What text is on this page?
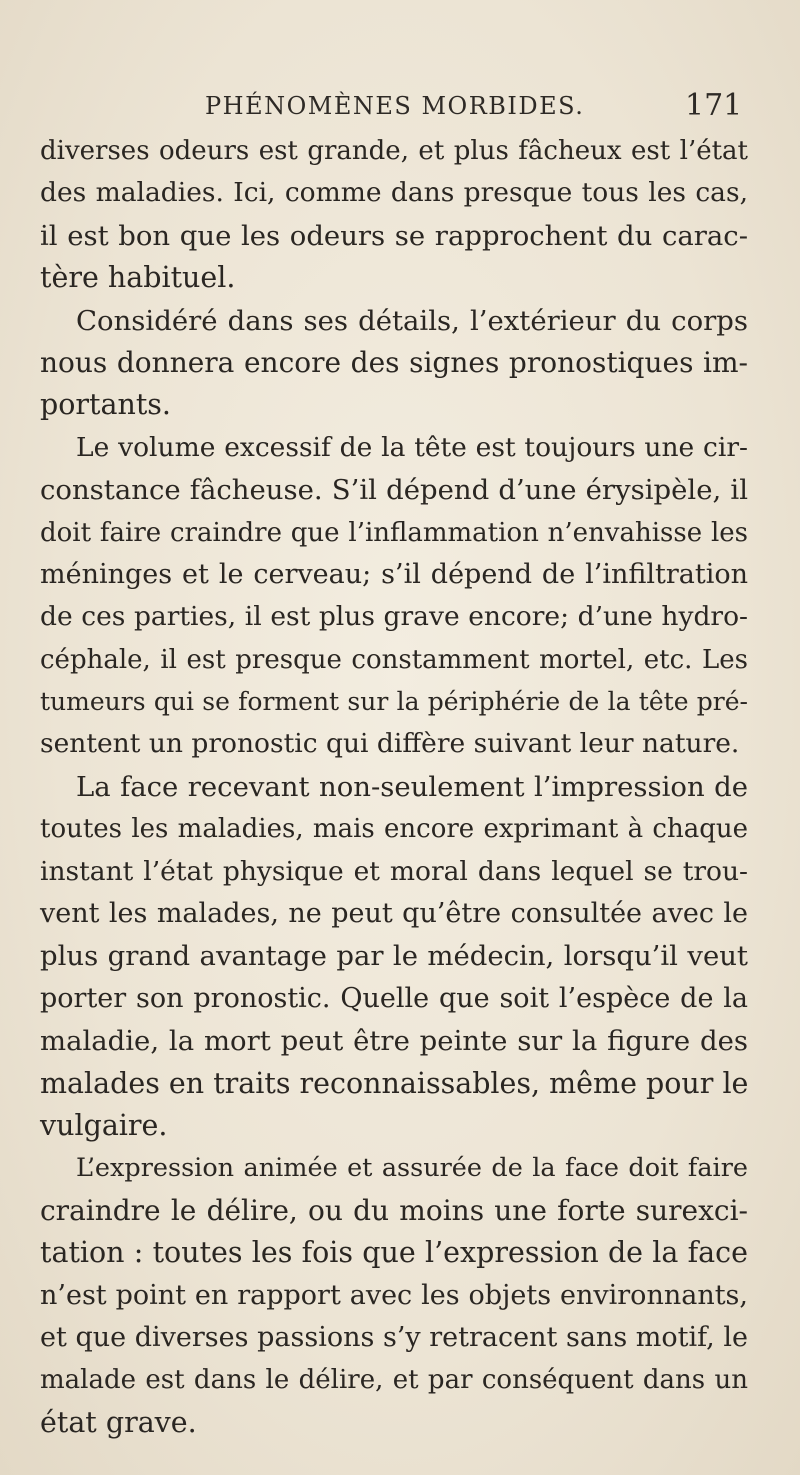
PHÉNOMÈNES MORBIDES.	171
diverses odeurs est grande, et plus fâcheux est l’état
des maladies. Ici, comme dans presque tous les cas,
il est bon que les odeurs se rapprochent du carac-
tère habituel.
Considéré dans ses détails, l’extérieur du corps
nous donnera encore des signes pronostiques im-
portants.
Le volume excessif de la tête est toujours une cir-
constance fâcheuse. S’il dépend d’une érysipèle, il
doit faire craindre que l’inflammation n’envahisse les
méninges et le cerveau; s’il dépend de l’infiltration
de ces parties, il est plus grave encore; d’une hydro-
céphale, il est presque constamment mortel, etc. Les
tumeurs qui se forment sur la périphérie de la tête pré-
sentent un pronostic qui diffère suivant leur nature.
La face recevant non-seulement l’impression de
toutes les maladies, mais encore exprimant à chaque
instant l’état physique et moral dans lequel se trou-
vent les malades, ne peut qu’être consultée avec le
plus grand avantage par le médecin, lorsqu’il veut
porter son pronostic. Quelle que soit l’espèce de la
maladie, la mort peut être peinte sur la figure des
malades en traits reconnaissables, même pour le
vulgaire.
L’expression animée et assurée de la face doit faire
craindre le délire, ou du moins une forte surexci-
tation : toutes les fois que l’expression de la face
n’est point en rapport avec les objets environnants,
et que diverses passions s’y retracent sans motif, le
malade est dans le délire, et par conséquent dans un
état grave.
